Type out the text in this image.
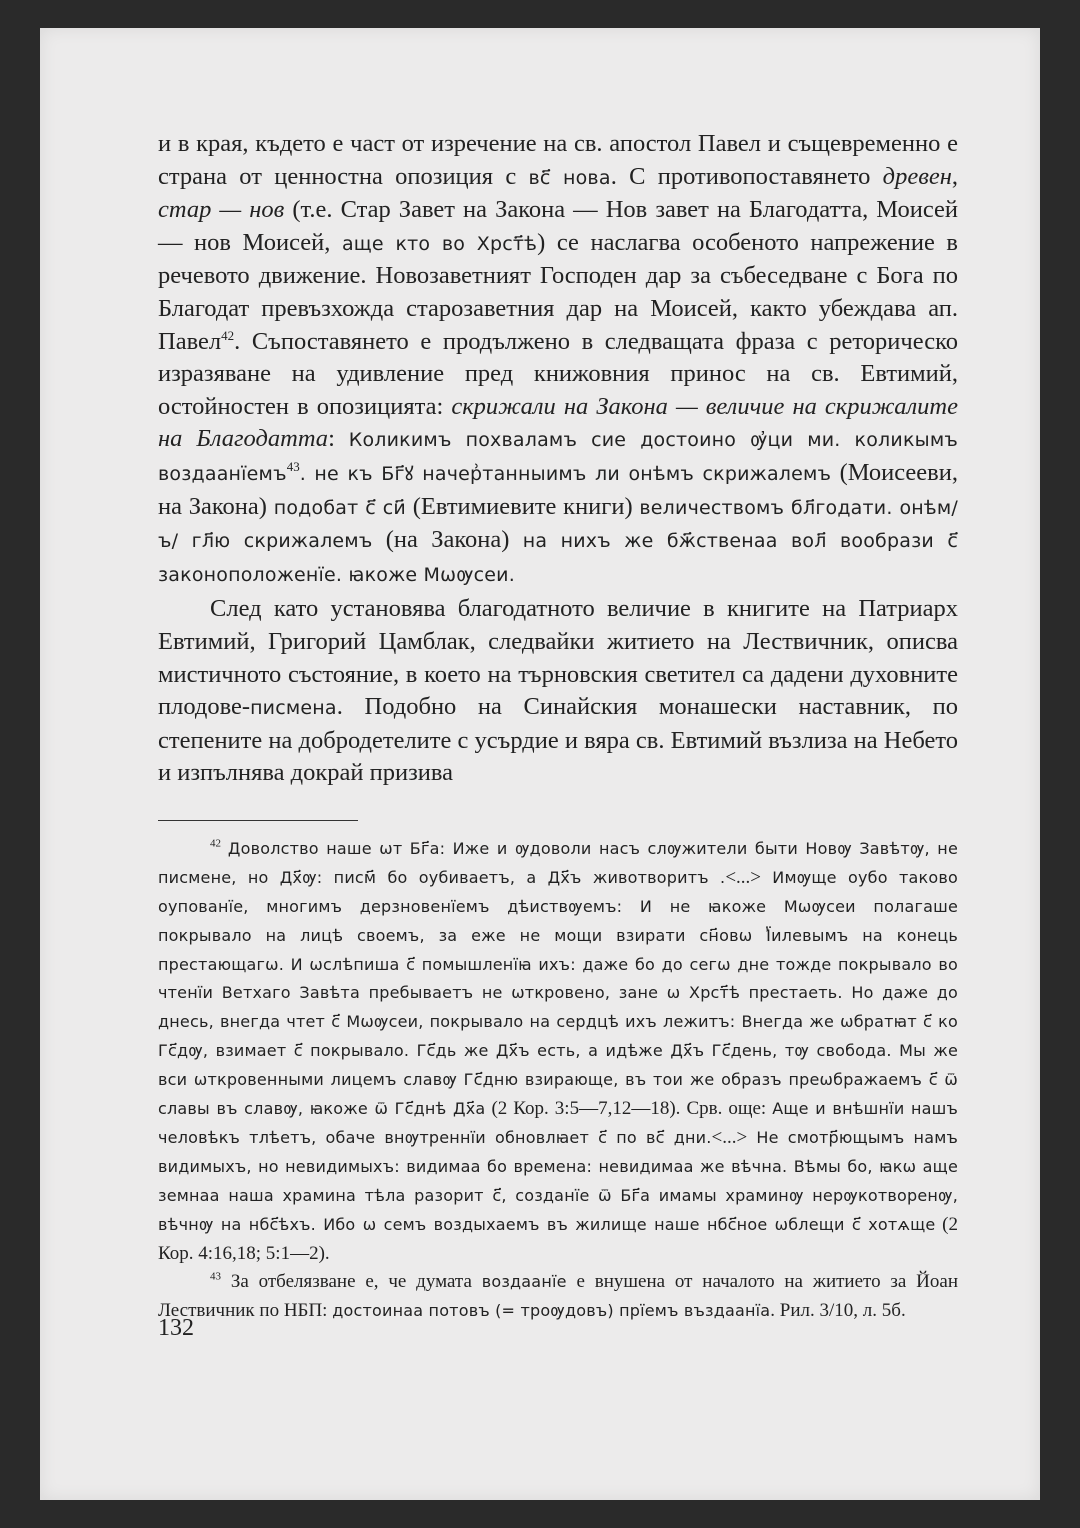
и в края, където е част от изречение на св. апостол Павел и същевременно е страна от ценностна опозиция с вс҃ нова. С противопоставянето древен, стар — нов (т.е. Стар Завет на Закона — Нов завет на Благодатта, Моисей — нов Моисей, аще кто во Хрст҃ѣ) се наслагва особеното напрежение в речевото движение. Новозаветният Господен дар за събеседване с Бога по Благодат превъзхожда старозаветния дар на Моисей, както убеждава ап. Павел$^{42}$. Съпоставянето е продължено в следващата фраза с реторическо изразяване на удивление пред книжовния принос на св. Евтимий, остойностен в опозицията: скрижали на Закона — величие на скрижалите на Благодатта: Коликимъ похваламъ сие достоино ѹ҆ци ми. коликымъ воздаанїемъ$^{43}$. не къ Бг҃ꙋ начер͗танныимъ ли онѣмъ скрижалемъ (Моисееви, на Закона) подобат с҃ си҃ (Евтимиевите книги) величествомъ бл҃годати. онѣм/ъ/ гл҃ю скрижалемъ (на Закона) на нихъ же бж҃ственаа вол҃ вообрази с҃ законоположенїе. ꙗкоже Мѡѹсеи.

След като установява благодатното величие в книгите на Патриарх Евтимий, Григорий Цамблак, следвайки житието на Лествичник, описва мистичното състояние, в което на търновския светител са дадени духовните плодове-писмена. Подобно на Синайския монашески наставник, по степените на добродетелите с усърдие и вяра св. Евтимий възлиза на Небето и изпълнява докрай призива

$^{42}$ Доволство наше ѡт Бг҃а: Иже и ѹдоволи насъ слѹжители быти Новѹ Завѣтѹ, не писмене, но Дх҃ѹ: писм҃ бо оубиваетъ, а Дх҃ъ животворитъ .<...> Имѹще оубо таково оупованїе, многимъ дерзновенїемъ дѣиствѹемъ: И не ꙗкоже Мѡѹсеи полагаше покрывало на лицѣ своемъ, за еже не мощи взирати сн҃овѡ Ї҆илевымъ на конець престающагѡ. И ѡслѣпиша с҃ помышленїꙗ ихъ: даже бо до сегѡ дне тожде покрывало во чтенїи Ветхаго Завѣта пребываетъ не ѡткровено, зане ѡ Хрст҃ѣ престаеть. Но даже до днесь, внегда чтет с҃ Мѡѹсеи, покрывало на сердцѣ ихъ лежитъ: Внегда же ѡбратꙗт с҃ ко Гс҃дѹ, взимает с҃ покрывало. Гс҃дь же Дх҃ъ есть, а идѣже Дх҃ъ Гс҃день, тѹ свобода. Мы же вси ѡткровенными лицемъ славѹ Гс҃дню взирающе, въ тои же образъ преѡбражаемъ с҃ ѿ славы въ славѹ, ꙗкоже ѿ Гс҃днѣ Дх҃а (2 Кор. 3:5—7,12—18). Срв. още: Аще и внѣшнїи нашъ человѣкъ тлѣетъ, обаче внѹтреннїи обновлꙗет с҃ по вс҃ дни.<...> Не смотр҃ющымъ намъ видимыхъ, но невидимыхъ: видимаа бо времена: невидимаа же вѣчна. Вѣмы бо, ꙗкѡ аще земнаа наша храмина тѣла разорит с҃, созданїе ѿ Бг҃а имамы храминѹ нерѹкотворенѹ, вѣчнѹ на нбс҃ѣхъ. Ибо ѡ семъ воздыхаемъ въ жилище наше нбс҃ное ѡблещи с҃ хотѧще (2 Кор. 4:16,18; 5:1—2).

$^{43}$ За отбелязване е, че думата воздаанїе е внушена от началото на житието за Йоан Лествичник по НБП: достоинаа потовъ (= троѹдовъ) прїемъ въздаанїа. Рил. 3/10, л. 5б.

132
